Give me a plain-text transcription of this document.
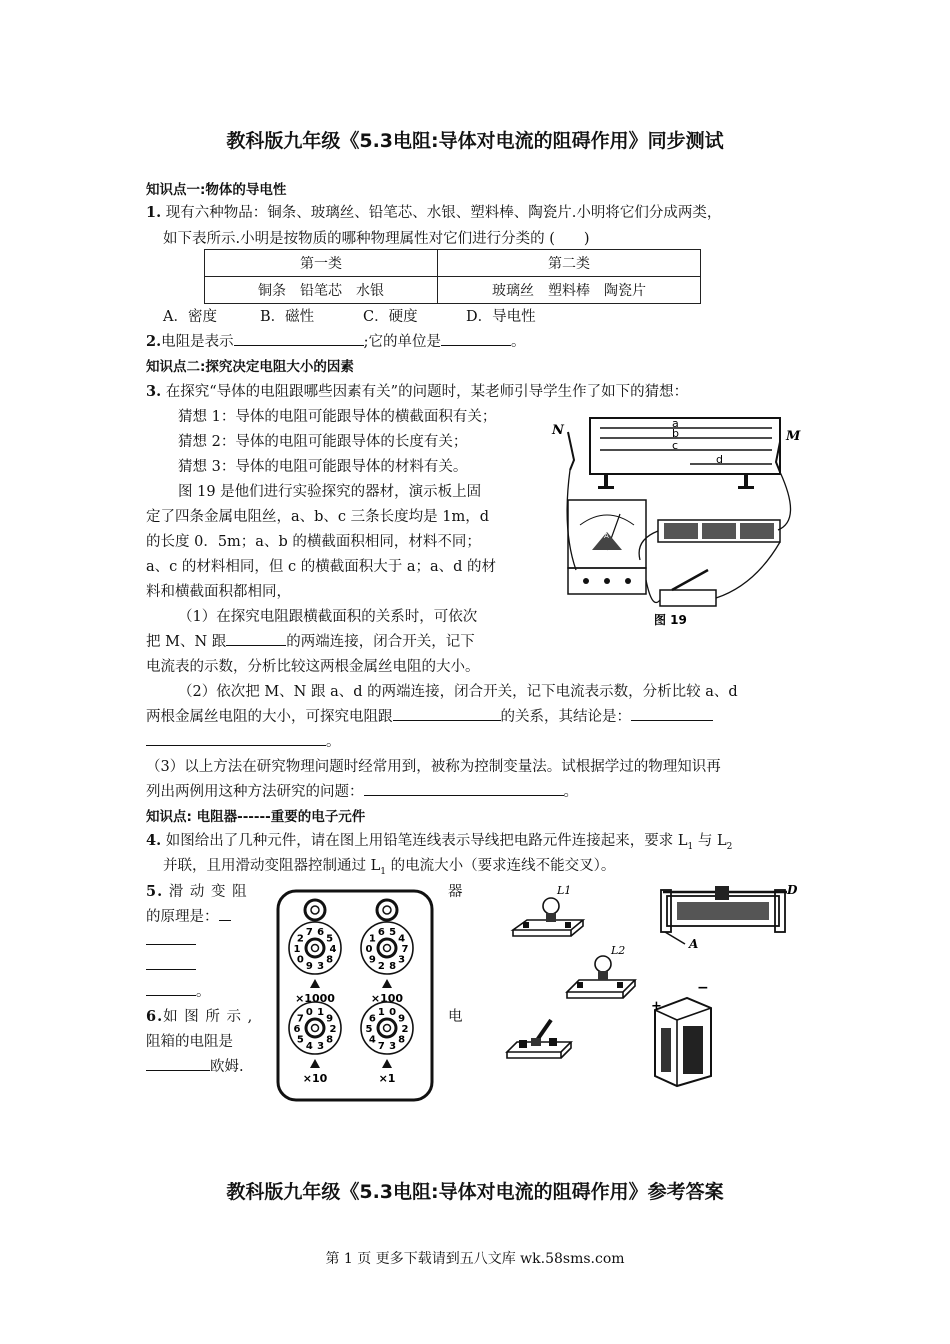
教科版九年级《5.3电阻:导体对电流的阻碍作用》同步测试
知识点一:物体的导电性
1. 现有六种物品：铜条、玻璃丝、铅笔芯、水银、塑料棒、陶瓷片.小明将它们分成两类，
如下表所示.小明是按物质的哪种物理属性对它们进行分类的 (　　)
第一类	第二类
铜条　铅笔芯　水银	玻璃丝　塑料棒　陶瓷片
A．密度	B．磁性	C．硬度	D．导电性
2.电阻是表示	;它的单位是	。
知识点二:探究决定电阻大小的因素
3. 在探究“导体的电阻跟哪些因素有关”的问题时，某老师引导学生作了如下的猜想：
猜想 1：导体的电阻可能跟导体的横截面积有关；
猜想 2：导体的电阻可能跟导体的长度有关；
猜想 3：导体的电阻可能跟导体的材料有关。
图 19 是他们进行实验探究的器材，演示板上固
定了四条金属电阻丝，a、b、c 三条长度均是 1m，d
的长度 0．5m；a、b 的横截面积相同，材料不同；
a、c 的材料相同，但 c 的横截面积大于 a；a、d 的材
料和横截面积都相同，
（1）在探究电阻跟横截面积的关系时，可依次
把 M、N 跟	的两端连接，闭合开关，记下
电流表的示数，分析比较这两根金属丝电阻的大小。
（2）依次把 M、N 跟 a、d 的两端连接，闭合开关，记下电流表示数，分析比较 a、d
两根金属丝电阻的大小，可探究电阻跟	的关系，其结论是：
。
（3）以上方法在研究物理问题时经常用到，被称为控制变量法。试根据学过的物理知识再
列出两例用这种方法研究的问题：	。
a
b
c
d
N	M
A
图 19
知识点: 电阻器------重要的电子元件
4. 如图给出了几种元件，请在图上用铅笔连线表示导线把电路元件连接起来，要求 $L_1$ 与 $L_2$
并联，且用滑动变阻器控制通过 $L_1$ 的电流大小（要求连线不能交叉）。
5. 滑 动 变 阻	器
的原理是：
。
6.如 图 所 示 ,	电
阻箱的电阻是
欧姆.
7 6
5
4
8
3
9
0
1
2
×1000
6 5
4
7
3
8
2
9
0
1
×100
0 1
9
2
8
3
4
5
6
7
×10
1 0
9
2
8
3
7
4
5
6
×1
L1
L2
D
A
+
−
教科版九年级《5.3电阻:导体对电流的阻碍作用》参考答案
第 1 页 更多下载请到五八文库 wk.58sms.com
